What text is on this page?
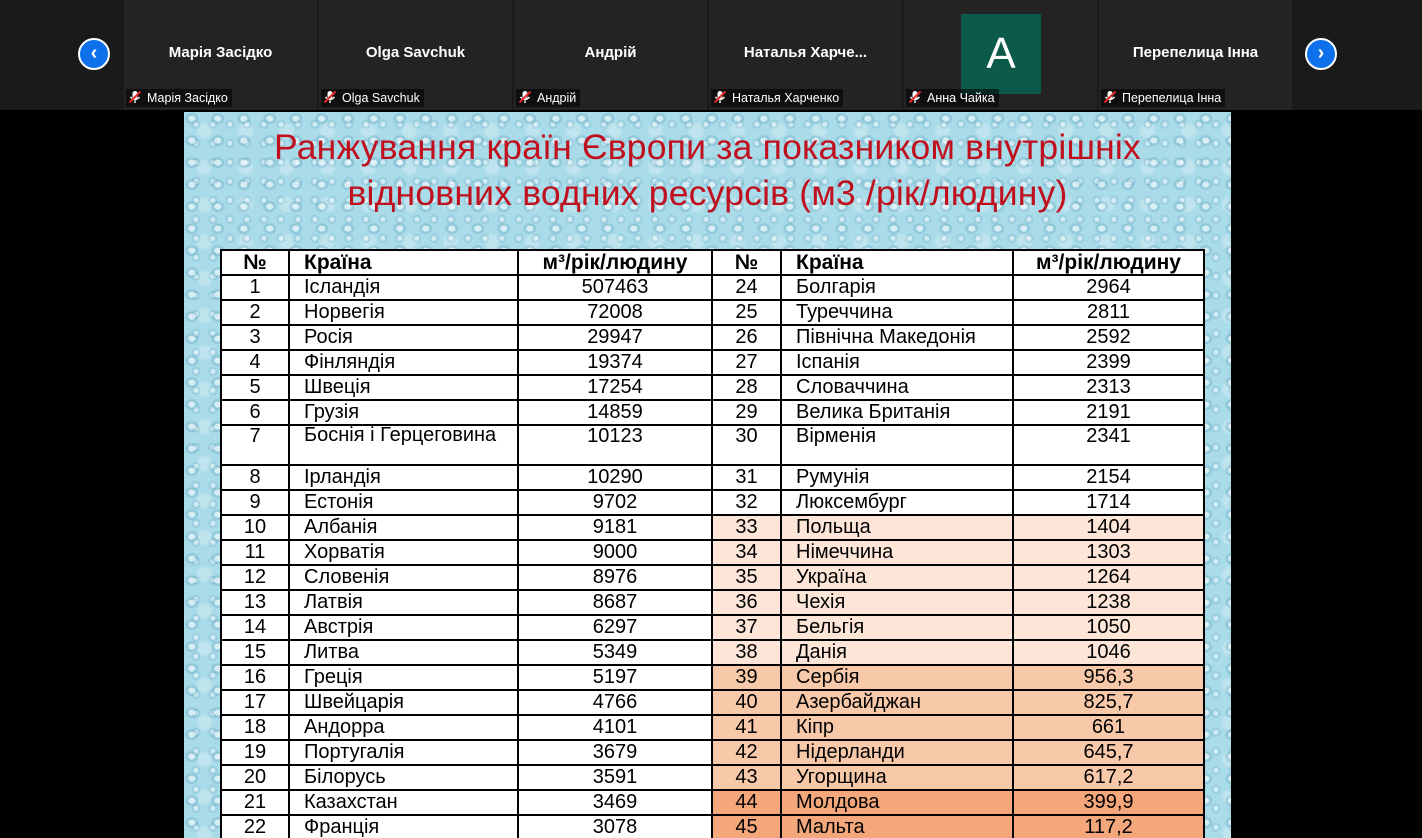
‹	Марія Засідко
Марія Засідко
Olga Savchuk
Olga Savchuk
Андрій
Андрій
Наталья Харче...
Наталья Харченко
A
Анна Чайка
Перепелица Інна
Перепелица Інна
›
Ранжування країн Європи за показником внутрішніх
відновних водних ресурсів (м3 /рік/людину)
№	Країна	м³/рік/людину	№	Країна	м³/рік/людину
1	Ісландія	507463	24	Болгарія	2964
2	Норвегія	72008	25	Туреччина	2811
3	Росія	29947	26	Північна Македонія	2592
4	Фінляндія	19374	27	Іспанія	2399
5	Швеція	17254	28	Словаччина	2313
6	Грузія	14859	29	Велика Британія	2191
7	Боснія і Герцеговина	10123	30	Вірменія	2341
8	Ірландія	10290	31	Румунія	2154
9	Естонія	9702	32	Люксембург	1714
10	Албанія	9181	33	Польща	1404
11	Хорватія	9000	34	Німеччина	1303
12	Словенія	8976	35	Україна	1264
13	Латвія	8687	36	Чехія	1238
14	Австрія	6297	37	Бельгія	1050
15	Литва	5349	38	Данія	1046
16	Греція	5197	39	Сербія	956,3
17	Швейцарія	4766	40	Азербайджан	825,7
18	Андорра	4101	41	Кіпр	661
19	Португалія	3679	42	Нідерланди	645,7
20	Білорусь	3591	43	Угорщина	617,2
21	Казахстан	3469	44	Молдова	399,9
22	Франція	3078	45	Мальта	117,2
